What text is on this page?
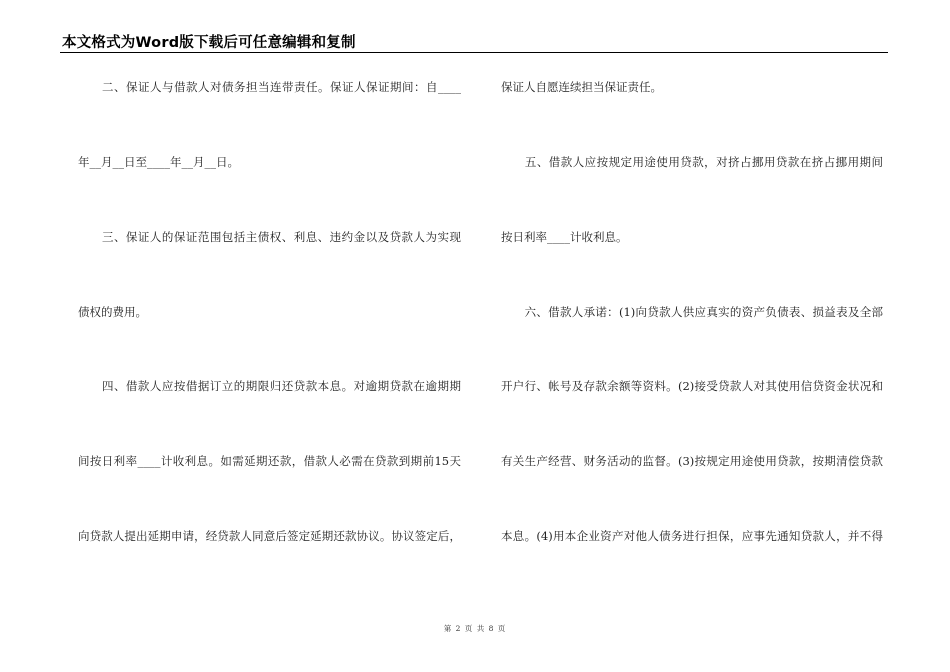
本文格式为Word版下载后可任意编辑和复制
　　二、保证人与借款人对债务担当连带责任。保证人保证期间：自____
年__月__日至____年__月__日。
　　三、保证人的保证范围包括主债权、利息、违约金以及贷款人为实现
债权的费用。
　　四、借款人应按借据订立的期限归还贷款本息。对逾期贷款在逾期期
间按日利率____计收利息。如需延期还款，借款人必需在贷款到期前15天
向贷款人提出延期申请，经贷款人同意后签定延期还款协议。协议签定后，
保证人自愿连续担当保证责任。
　　五、借款人应按规定用途使用贷款，对挤占挪用贷款在挤占挪用期间
按日利率____计收利息。
　　六、借款人承诺：(1)向贷款人供应真实的资产负债表、损益表及全部
开户行、帐号及存款余额等资料。(2)接受贷款人对其使用信贷资金状况和
有关生产经营、财务活动的监督。(3)按规定用途使用贷款，按期清偿贷款
本息。(4)用本企业资产对他人债务进行担保，应事先通知贷款人，并不得
第 2 页 共 8 页
